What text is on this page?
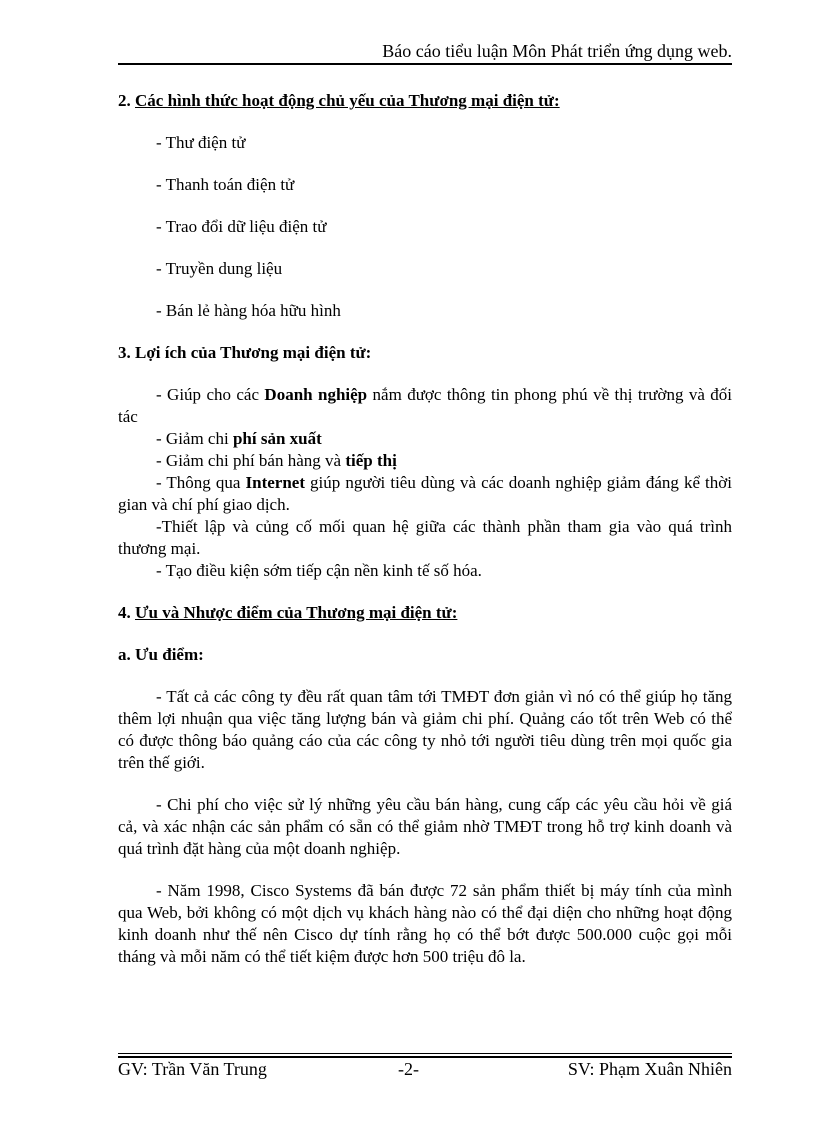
Báo cáo tiểu luận Môn Phát triển ứng dụng web.

2. Các hình thức hoạt động chủ yếu của Thương mại điện tử:

- Thư điện tử

- Thanh toán điện tử

- Trao đổi dữ liệu điện tử

- Truyền dung liệu

- Bán lẻ hàng hóa hữu hình

3. Lợi ích của Thương mại điện tử:

- Giúp cho các Doanh nghiệp nắm được thông tin phong phú về thị trường và đối tác

- Giảm chi phí sản xuất

- Giảm chi phí bán hàng và tiếp thị

- Thông qua Internet giúp người tiêu dùng và các doanh nghiệp giảm đáng kể thời gian và chí phí giao dịch.

-Thiết lập và củng cố mối quan hệ giữa các thành phần tham gia vào quá trình thương mại.

- Tạo điều kiện sớm tiếp cận nền kinh tế số hóa.

4. Ưu và Nhược điểm của Thương mại điện tử:

a. Ưu điểm:

- Tất cả các công ty đều rất quan tâm tới TMĐT đơn giản vì nó có thể giúp họ tăng thêm lợi nhuận qua việc tăng lượng bán và giảm chi phí. Quảng cáo tốt trên Web có thể có được thông báo quảng cáo của các công ty nhỏ tới người tiêu dùng trên mọi quốc gia trên thế giới.

- Chi phí cho việc sử lý những yêu cầu bán hàng, cung cấp các yêu cầu hỏi về giá cả, và xác nhận các sản phẩm có sẵn có thể giảm nhờ TMĐT trong hỗ trợ kinh doanh và quá trình đặt hàng của một doanh nghiệp.

- Năm 1998, Cisco Systems đã bán được 72 sản phẩm thiết bị máy tính của mình qua Web, bởi không có một dịch vụ khách hàng nào có thể đại diện cho những hoạt động kinh doanh như thế nên Cisco dự tính rằng họ có thể bớt được 500.000 cuộc gọi mỗi tháng và mỗi năm có thể tiết kiệm được hơn 500 triệu đô la.

GV: Trần Văn Trung	-2-	SV: Phạm Xuân Nhiên
